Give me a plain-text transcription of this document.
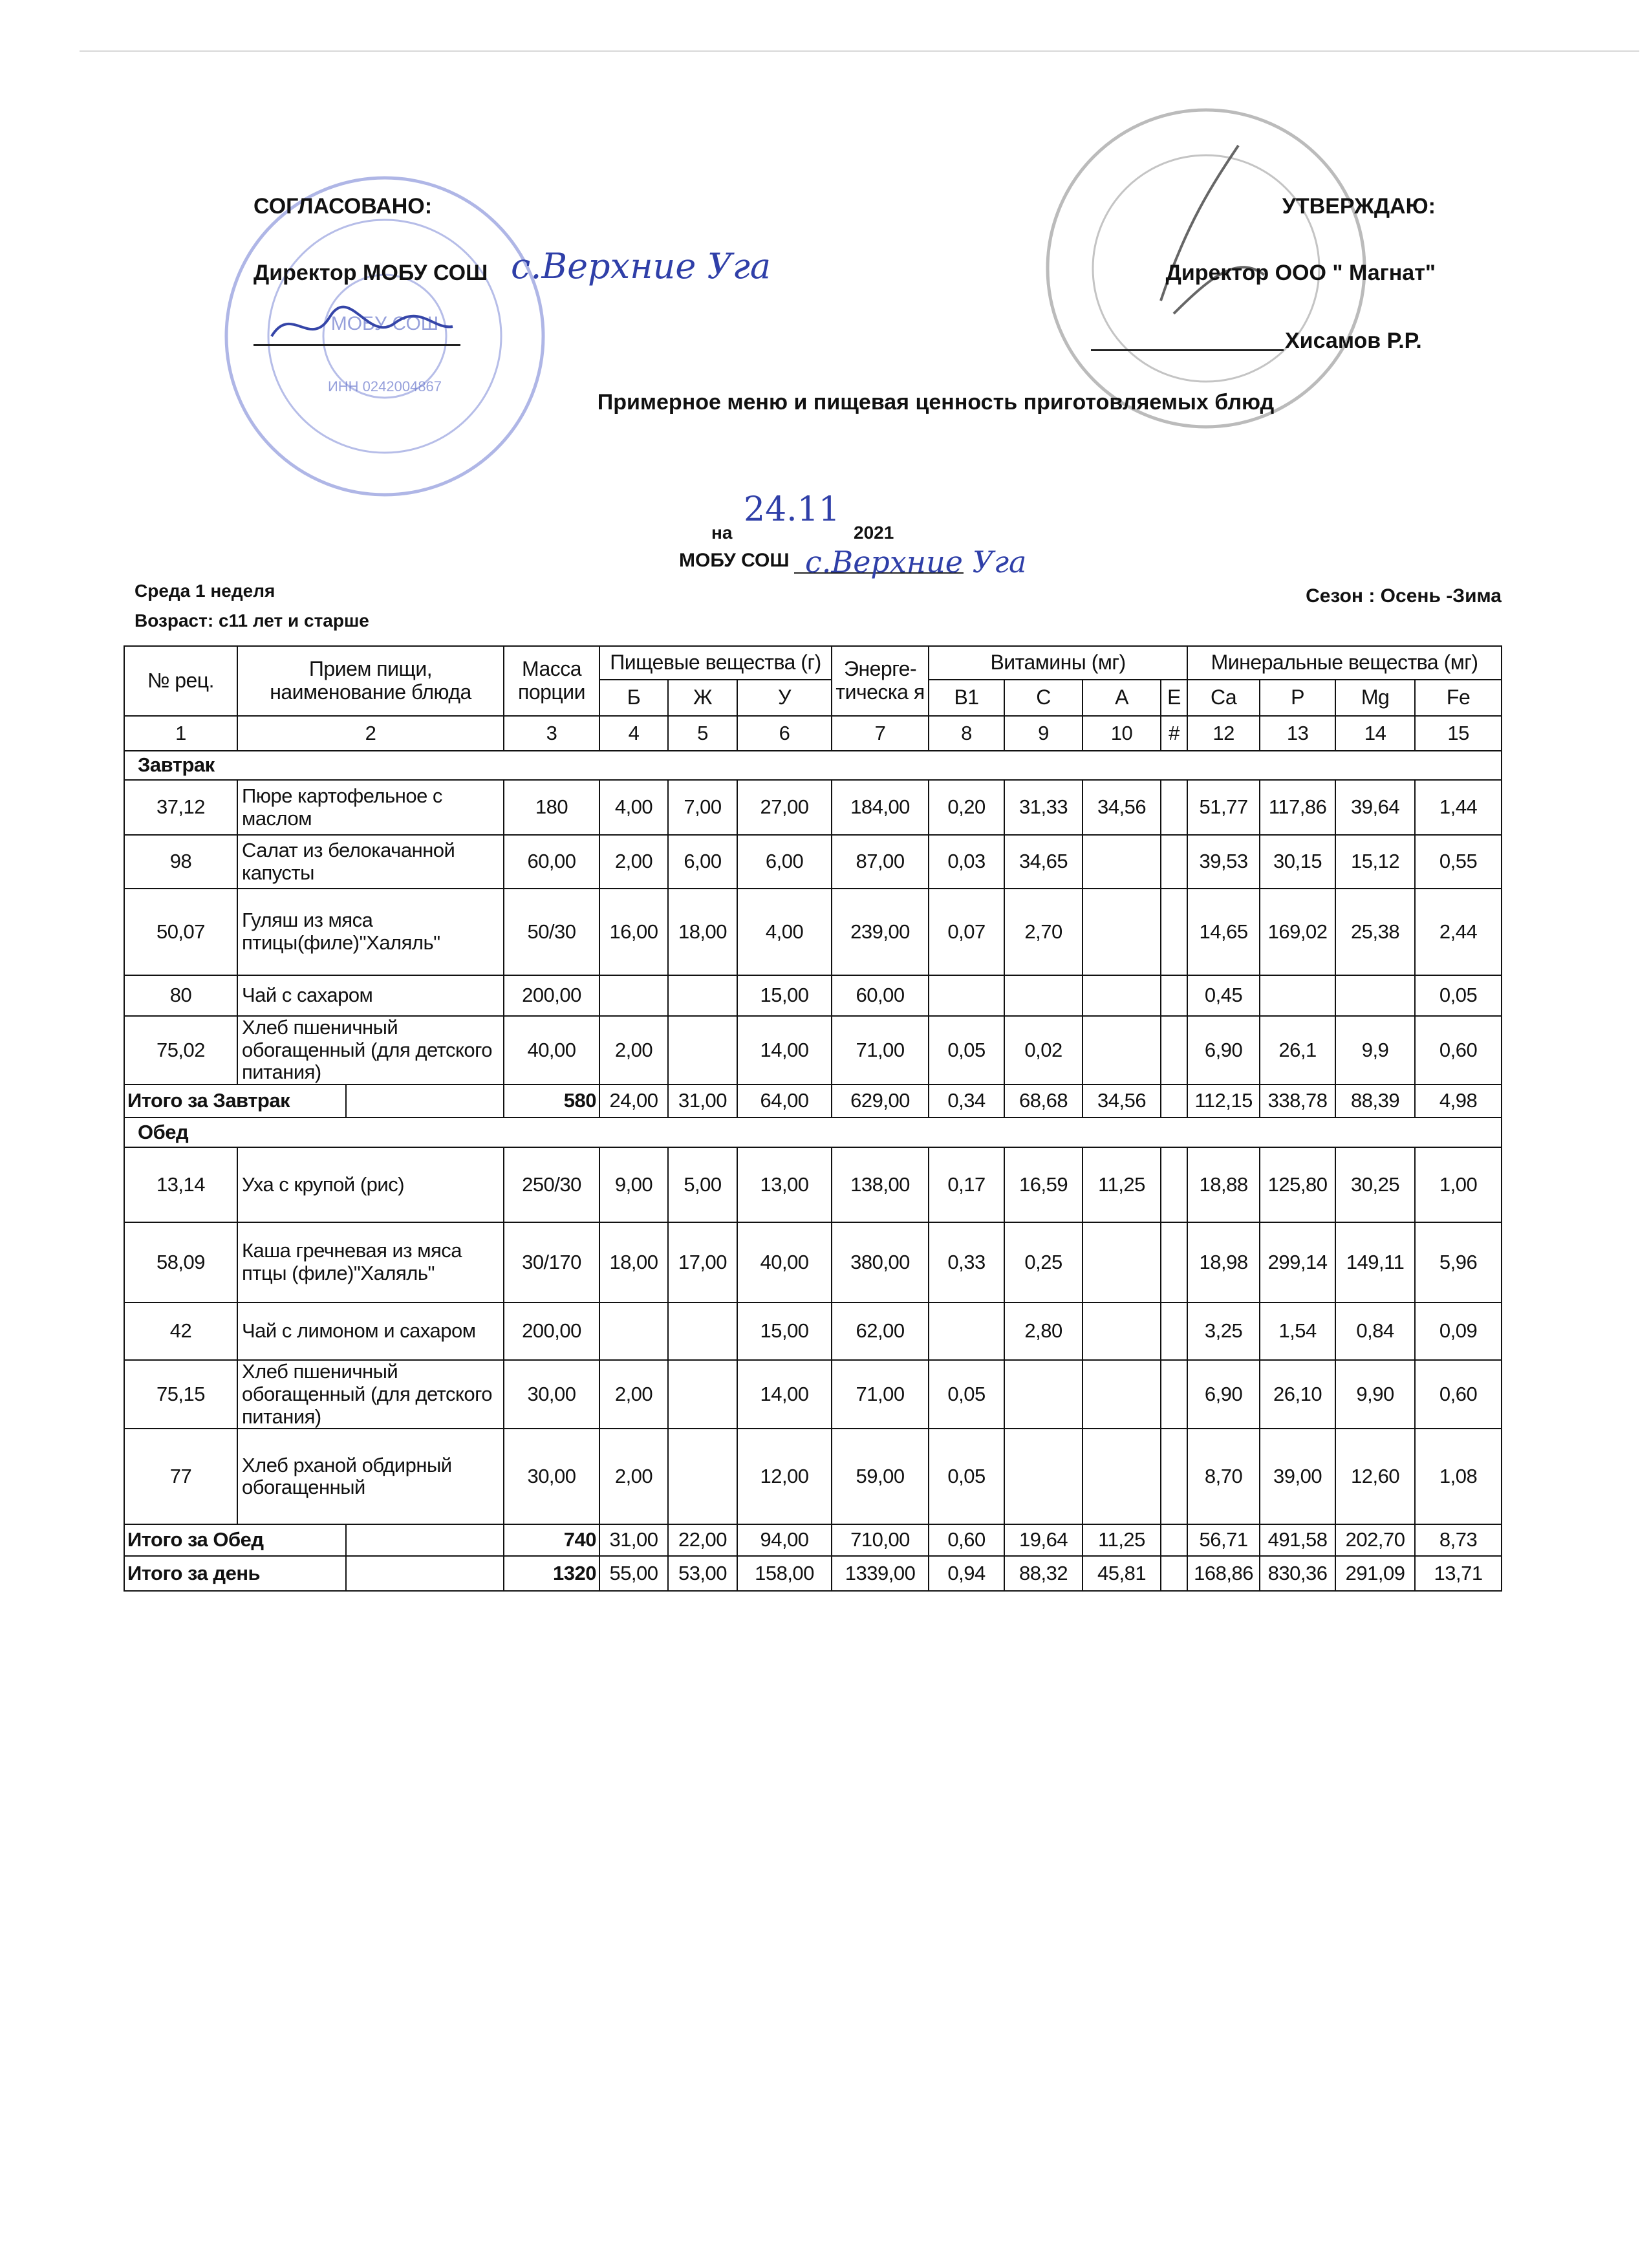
МОБУ СОШ
ИНН 0242004867
СОГЛАСОВАНО:
Директор МОБУ СОШ с.Верхние Уга
УТВЕРЖДАЮ:
Директор ООО " Магнат"
Хисамов Р.Р.
Примерное меню и пищевая ценность приготовляемых блюд
на
24.11
2021
МОБУ СОШ с.Верхние Уга
Среда 1 неделя
Возраст: с11 лет и старше
Сезон : Осень -Зима
№ рец.	Прием пищи, наименование блюда	Масса порции	Пищевые вещества (г)			Энерге-тическа я	Витамины (мг)				Минеральные вещества (мг)			
			Б	Ж	У		В1	С	А	Е	Са	Р	Mg	Fe
1	2	3	4	5	6	7	8	9	10	#	12	13	14	15
Завтрак														
37,12	Пюре картофельное с маслом	180	4,00	7,00	27,00	184,00	0,20	31,33	34,56		51,77	117,86	39,64	1,44
98	Салат из белокачанной капусты	60,00	2,00	6,00	6,00	87,00	0,03	34,65			39,53	30,15	15,12	0,55
50,07	Гуляш из мяса птицы(филе)"Халяль"	50/30	16,00	18,00	4,00	239,00	0,07	2,70			14,65	169,02	25,38	2,44
80	Чай с сахаром	200,00			15,00	60,00					0,45			0,05
75,02	Хлеб пшеничный обогащенный (для детского питания)	40,00	2,00		14,00	71,00	0,05	0,02			6,90	26,1	9,9	0,60
Итого за Завтрак		580	24,00	31,00	64,00	629,00	0,34	68,68	34,56		112,15	338,78	88,39	4,98
Обед														
13,14	Уха с крупой (рис)	250/30	9,00	5,00	13,00	138,00	0,17	16,59	11,25		18,88	125,80	30,25	1,00
58,09	Каша гречневая из мяса птцы (филе)"Халяль"	30/170	18,00	17,00	40,00	380,00	0,33	0,25			18,98	299,14	149,11	5,96
42	Чай с лимоном и сахаром	200,00			15,00	62,00		2,80			3,25	1,54	0,84	0,09
75,15	Хлеб пшеничный обогащенный (для детского питания)	30,00	2,00		14,00	71,00	0,05				6,90	26,10	9,90	0,60
77	Хлеб рханой обдирный обогащенный	30,00	2,00		12,00	59,00	0,05				8,70	39,00	12,60	1,08
Итого за Обед		740	31,00	22,00	94,00	710,00	0,60	19,64	11,25		56,71	491,58	202,70	8,73
Итого за день		1320	55,00	53,00	158,00	1339,00	0,94	88,32	45,81		168,86	830,36	291,09	13,71
